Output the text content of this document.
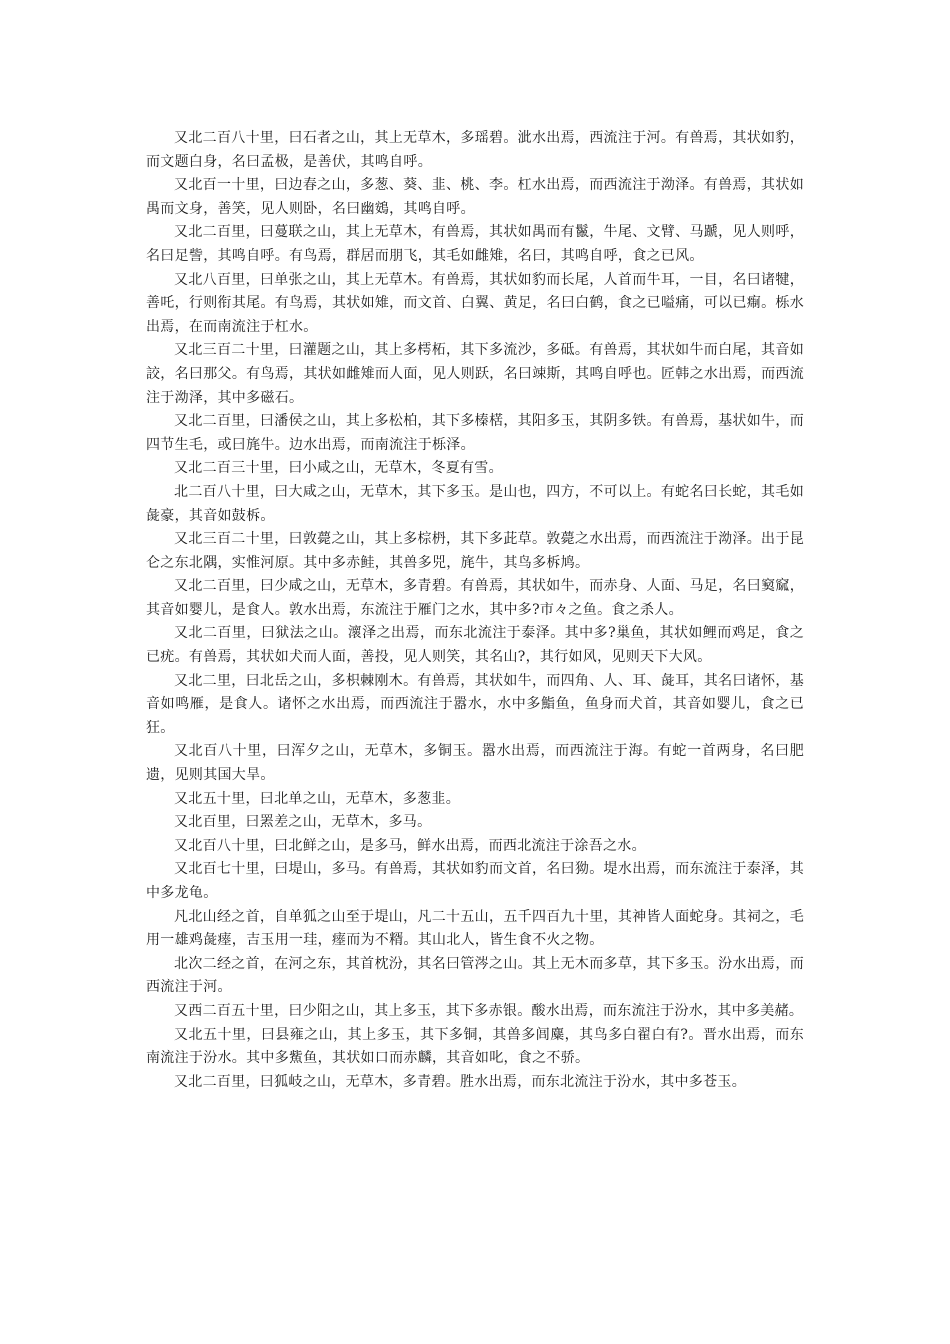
又北二百八十里，曰石者之山，其上无草木，多瑶碧。泚水出焉，西流注于河。有兽焉，其状如豹，而文题白身，名曰孟极，是善伏，其鸣自呼。

又北百一十里，曰边春之山，多葱、葵、韭、桃、李。杠水出焉，而西流注于泑泽。有兽焉，其状如禺而文身，善笑，见人则卧，名曰幽鴳，其鸣自呼。

又北二百里，曰蔓联之山，其上无草木，有兽焉，其状如禺而有鬣，牛尾、文臂、马蹏，见人则呼，名曰足訾，其鸣自呼。有鸟焉，群居而朋飞，其毛如雌雉，名曰，其鸣自呼，食之已风。

又北八百里，曰单张之山，其上无草木。有兽焉，其状如豹而长尾，人首而牛耳，一目，名曰诸犍，善吒，行则衔其尾。有鸟焉，其状如雉，而文首、白翼、黄足，名曰白鹤，食之已嗌痛，可以已痸。栎水出焉，在而南流注于杠水。

又北三百二十里，曰灌题之山，其上多樗柘，其下多流沙，多砥。有兽焉，其状如牛而白尾，其音如詨，名曰那父。有鸟焉，其状如雌雉而人面，见人则跃，名曰竦斯，其鸣自呼也。匠韩之水出焉，而西流注于泑泽，其中多磁石。

又北二百里，曰潘侯之山，其上多松柏，其下多榛楛，其阳多玉，其阴多铁。有兽焉，基状如牛，而四节生毛，或曰旄牛。边水出焉，而南流注于栎泽。

又北二百三十里，曰小咸之山，无草木，冬夏有雪。

北二百八十里，曰大咸之山，无草木，其下多玉。是山也，四方，不可以上。有蛇名曰长蛇，其毛如彘豪，其音如鼓柝。

又北三百二十里，曰敦薨之山，其上多棕枬，其下多茈草。敦薨之水出焉，而西流注于泑泽。出于昆仑之东北隅，实惟河原。其中多赤鲑，其兽多兕，旄牛，其鸟多柝鸠。

又北二百里，曰少咸之山，无草木，多青碧。有兽焉，其状如牛，而赤身、人面、马足，名曰窫窳，其音如婴儿，是食人。敦水出焉，东流注于雁门之水，其中多?市々之鱼。食之杀人。

又北二百里，曰狱法之山。瀤泽之出焉，而东北流注于泰泽。其中多?巢鱼，其状如鲤而鸡足，食之已疣。有兽焉，其状如犬而人面，善投，见人则笑，其名山?，其行如风，见则天下大风。

又北二里，曰北岳之山，多枳棘刚木。有兽焉，其状如牛，而四角、人、耳、彘耳，其名曰诸怀，基音如鸣雁，是食人。诸怀之水出焉，而西流注于嚣水，水中多鮨鱼，鱼身而犬首，其音如婴儿，食之已狂。

又北百八十里，曰浑夕之山，无草木，多铜玉。嚣水出焉，而西流注于海。有蛇一首两身，名曰肥遗，见则其国大旱。

又北五十里，曰北单之山，无草木，多葱韭。

又北百里，曰罴差之山，无草木，多马。

又北百八十里，曰北鲜之山，是多马，鲜水出焉，而西北流注于涂吾之水。

又北百七十里，曰堤山，多马。有兽焉，其状如豹而文首，名曰狕。堤水出焉，而东流注于泰泽，其中多龙龟。

凡北山经之首，自单狐之山至于堤山，凡二十五山，五千四百九十里，其神皆人面蛇身。其祠之，毛用一雄鸡彘瘗，吉玉用一珪，瘗而为不糈。其山北人，皆生食不火之物。

北次二经之首，在河之东，其首枕汾，其名曰管涔之山。其上无木而多草，其下多玉。汾水出焉，而西流注于河。

又西二百五十里，曰少阳之山，其上多玉，其下多赤银。酸水出焉，而东流注于汾水，其中多美赭。

又北五十里，曰县雍之山，其上多玉，其下多铜，其兽多闾麋，其鸟多白翟白有?。晋水出焉，而东南流注于汾水。其中多鮆鱼，其状如口而赤麟，其音如叱，食之不骄。

又北二百里，曰狐岐之山，无草木，多青碧。胜水出焉，而东北流注于汾水，其中多苍玉。
